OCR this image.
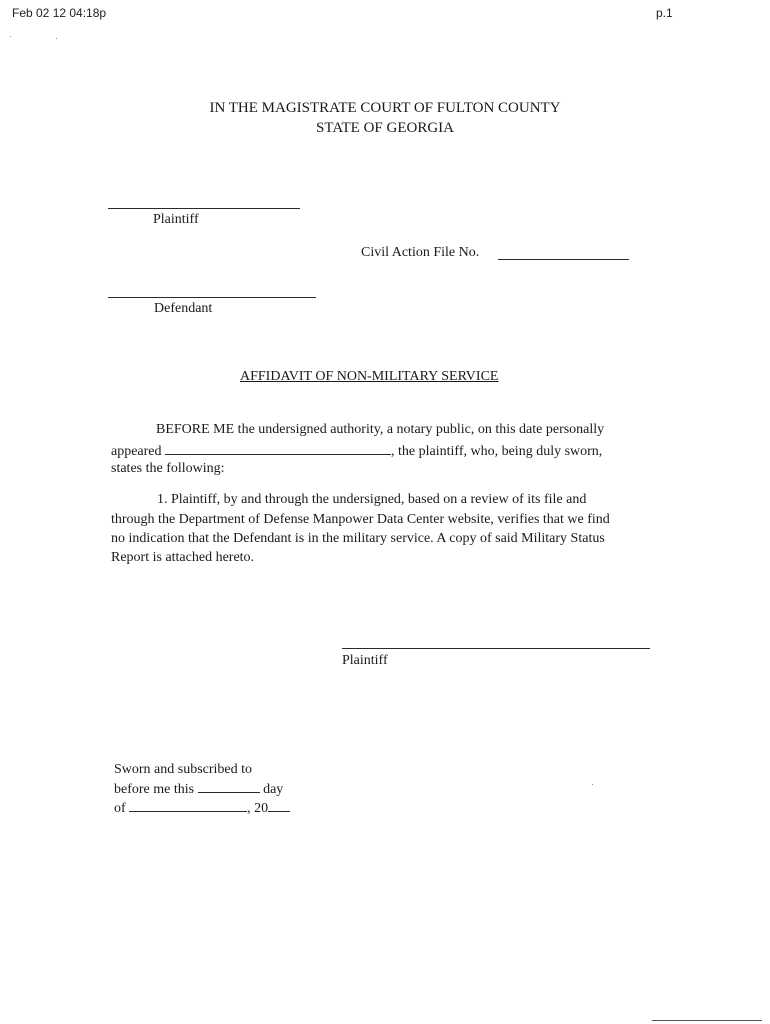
Feb 02 12 04:18p	p.1
IN THE MAGISTRATE COURT OF FULTON COUNTY
STATE OF GEORGIA
Plaintiff
Civil Action File No.
Defendant
AFFIDAVIT OF NON-MILITARY SERVICE
BEFORE ME the undersigned authority, a notary public, on this date personally
appeared	, the plaintiff, who, being duly sworn,
states the following:
1. Plaintiff, by and through the undersigned, based on a review of its file and
through the Department of Defense Manpower Data Center website, verifies that we find
no indication that the Defendant is in the military service. A copy of said Military Status
Report is attached hereto.
Plaintiff
Sworn and subscribed to
before me this	day
of	, 20
